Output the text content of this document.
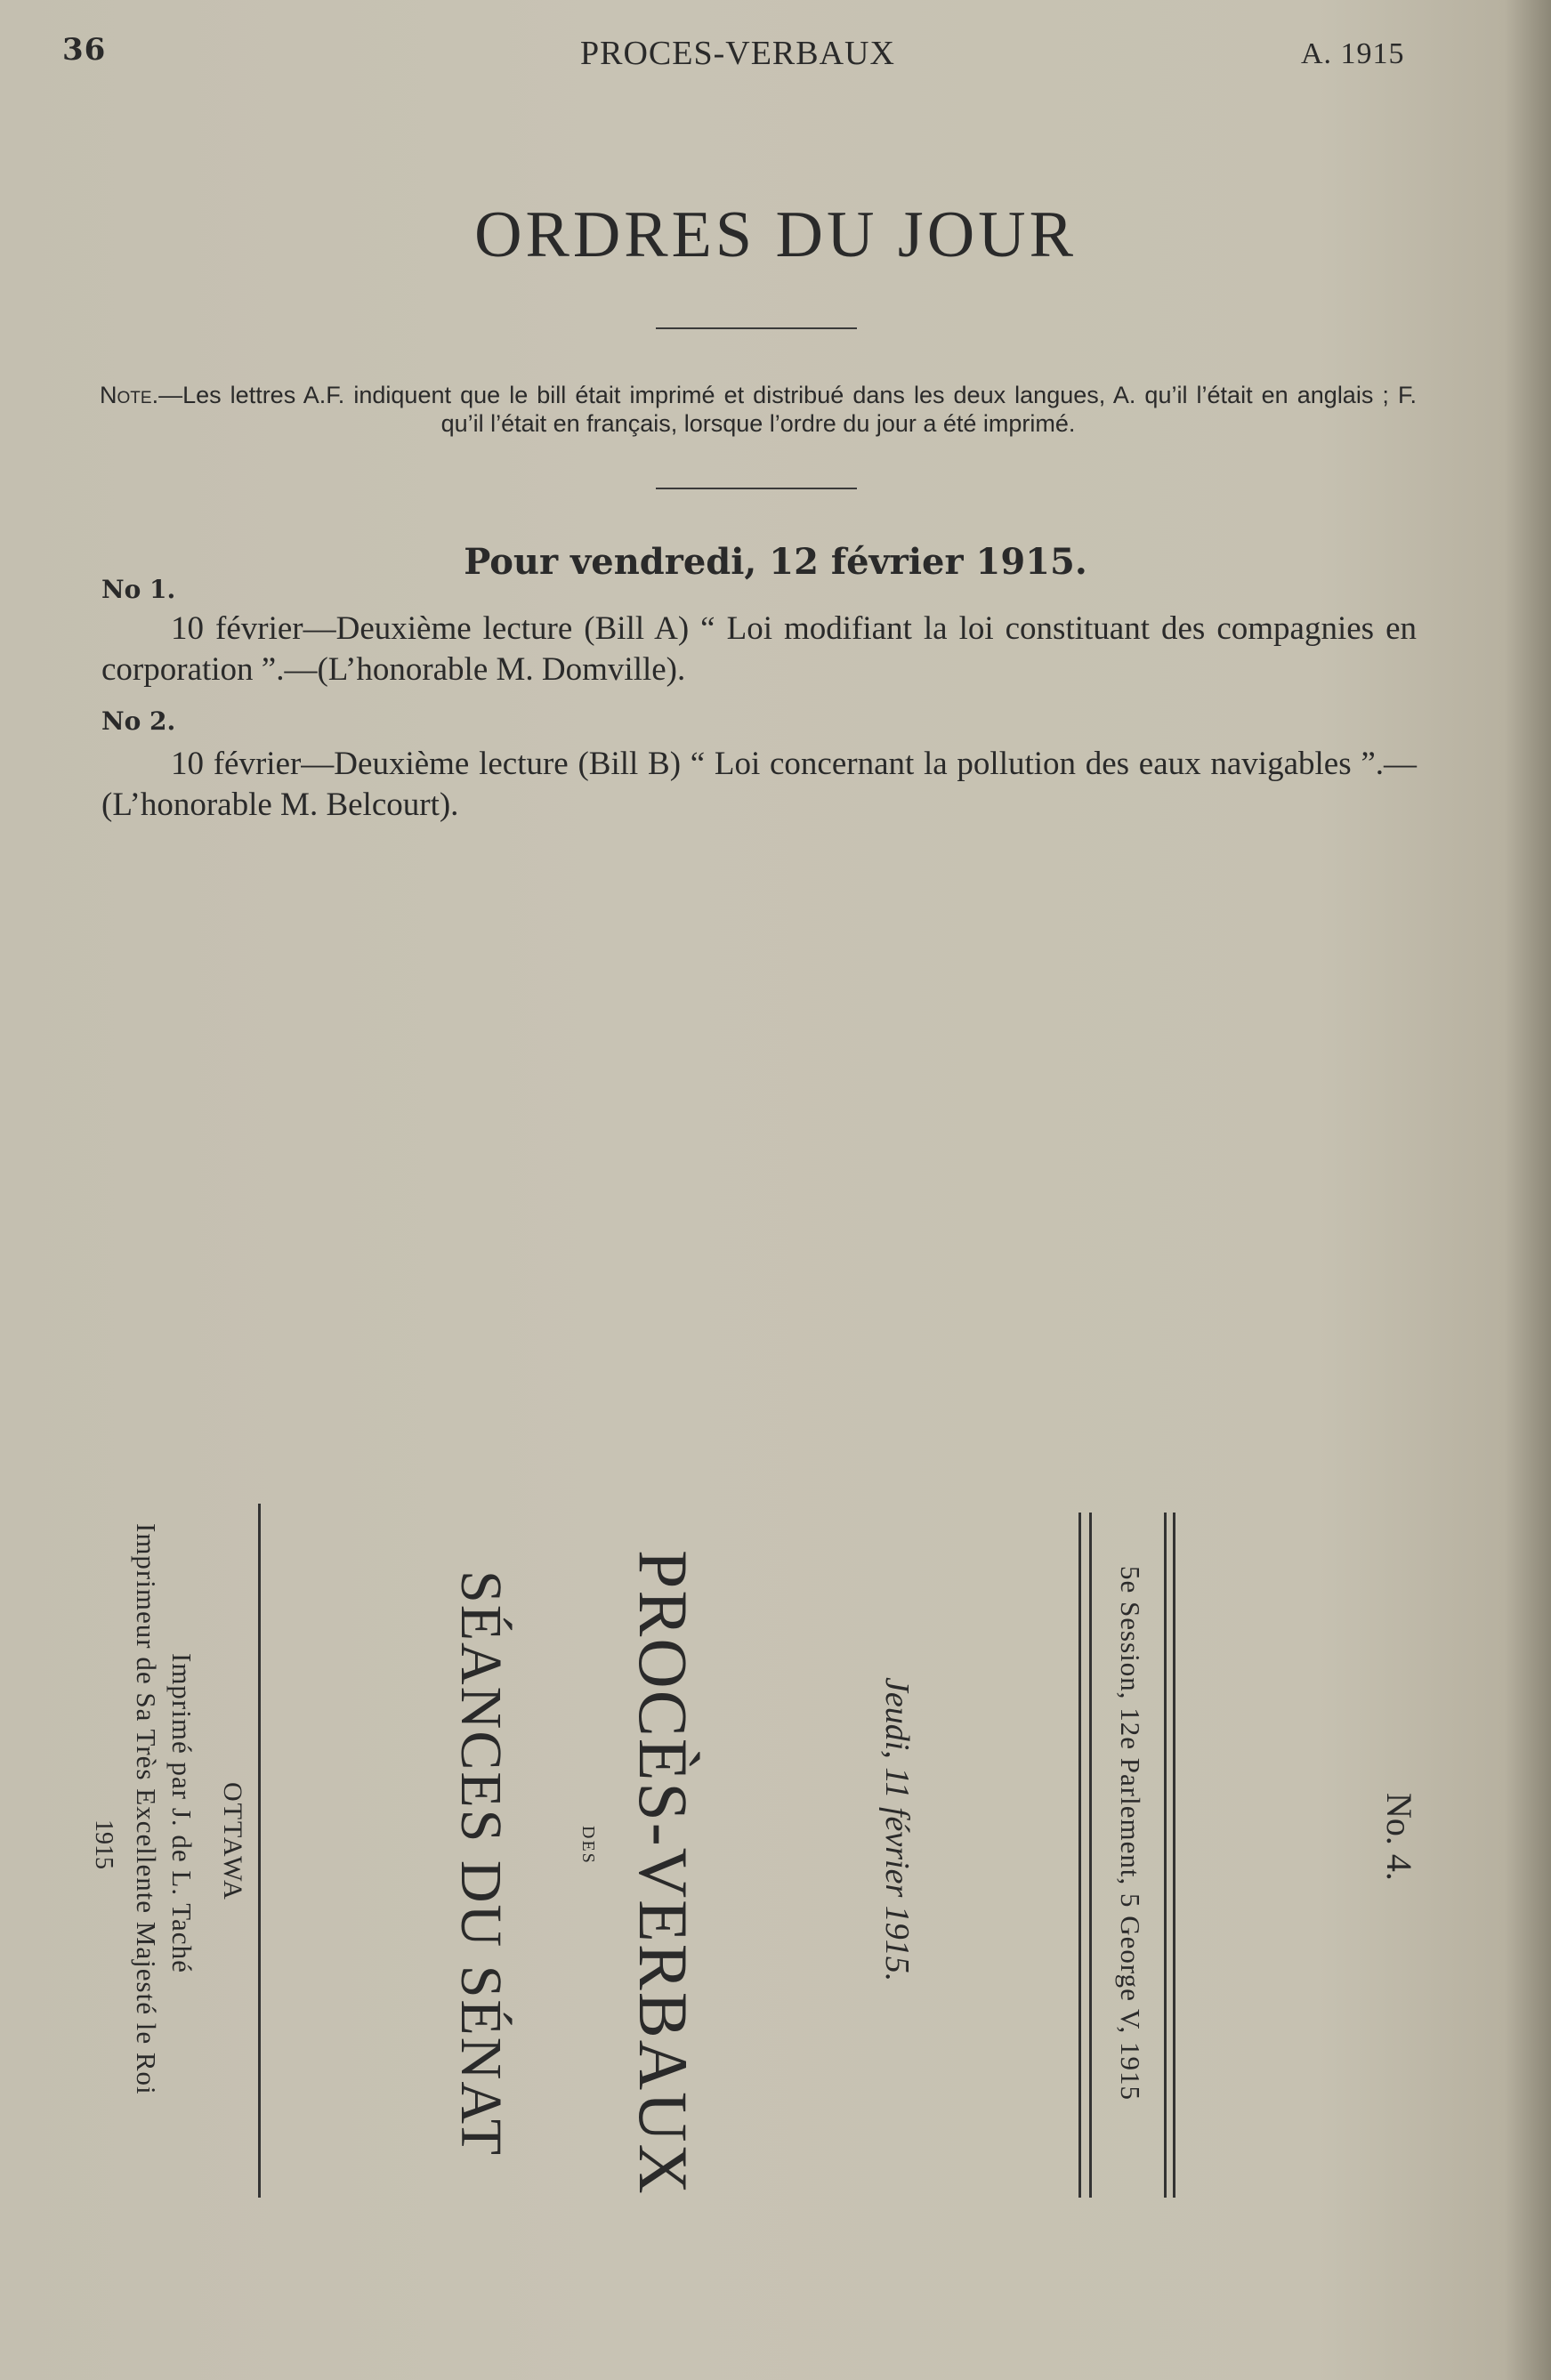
36	PROCES-VERBAUX	A. 1915
ORDRES DU JOUR
Note.—Les lettres A.F. indiquent que le bill était imprimé et distribué dans les deux langues, A. qu’il l’était en anglais ; F. qu’il l’était en français, lorsque l’ordre du jour a été imprimé.
Pour vendredi, 12 février 1915.
No 1.
10 février—Deuxième lecture (Bill A) “ Loi modifiant la loi constituant des compagnies en corporation ”.—(L’honorable M. Domville).
No 2.
10 février—Deuxième lecture (Bill B) “ Loi concernant la pollution des eaux navigables ”.—(L’honorable M. Belcourt).
No. 4.
5e Session, 12e Parlement, 5 George V, 1915
Jeudi, 11 février 1915.
PROCÈS-VERBAUX
DES
SÉANCES DU SÉNAT
OTTAWA
Imprimé par J. de L. Taché
Imprimeur de Sa Très Excellente Majesté le Roi
1915
